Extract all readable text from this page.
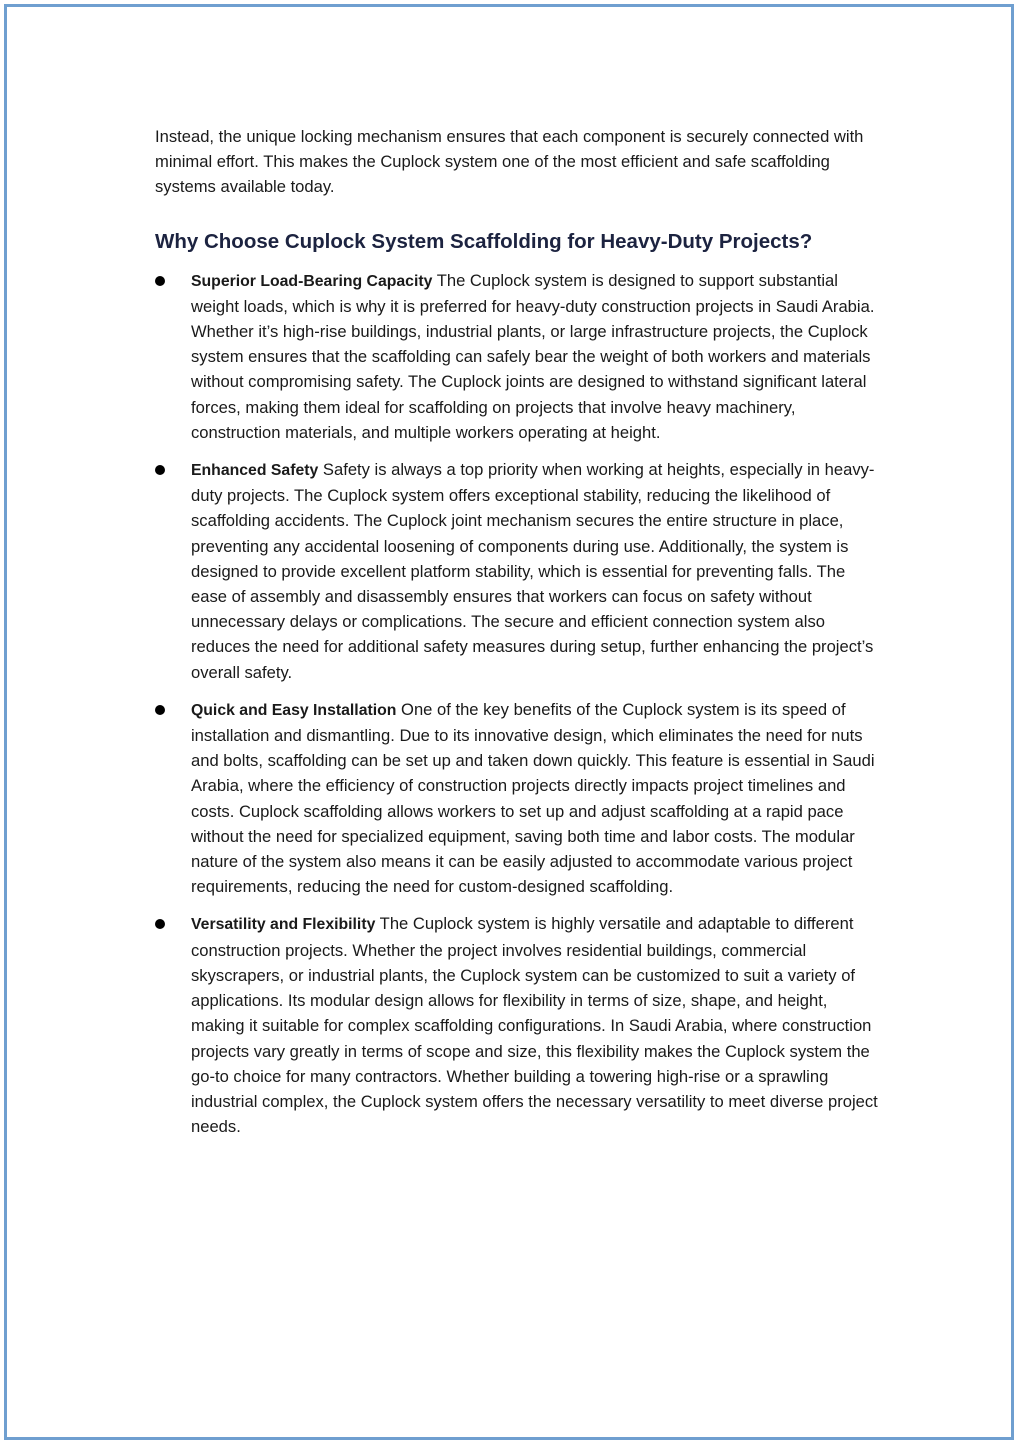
Instead, the unique locking mechanism ensures that each component is securely connected with minimal effort. This makes the Cuplock system one of the most efficient and safe scaffolding systems available today.

Why Choose Cuplock System Scaffolding for Heavy-Duty Projects?
Superior Load-Bearing Capacity The Cuplock system is designed to support substantial weight loads, which is why it is preferred for heavy-duty construction projects in Saudi Arabia. Whether it’s high-rise buildings, industrial plants, or large infrastructure projects, the Cuplock system ensures that the scaffolding can safely bear the weight of both workers and materials without compromising safety. The Cuplock joints are designed to withstand significant lateral forces, making them ideal for scaffolding on projects that involve heavy machinery, construction materials, and multiple workers operating at height.
Enhanced Safety Safety is always a top priority when working at heights, especially in heavy-duty projects. The Cuplock system offers exceptional stability, reducing the likelihood of scaffolding accidents. The Cuplock joint mechanism secures the entire structure in place, preventing any accidental loosening of components during use. Additionally, the system is designed to provide excellent platform stability, which is essential for preventing falls. The ease of assembly and disassembly ensures that workers can focus on safety without unnecessary delays or complications. The secure and efficient connection system also reduces the need for additional safety measures during setup, further enhancing the project’s overall safety.
Quick and Easy Installation One of the key benefits of the Cuplock system is its speed of installation and dismantling. Due to its innovative design, which eliminates the need for nuts and bolts, scaffolding can be set up and taken down quickly. This feature is essential in Saudi Arabia, where the efficiency of construction projects directly impacts project timelines and costs. Cuplock scaffolding allows workers to set up and adjust scaffolding at a rapid pace without the need for specialized equipment, saving both time and labor costs. The modular nature of the system also means it can be easily adjusted to accommodate various project requirements, reducing the need for custom-designed scaffolding.
Versatility and Flexibility The Cuplock system is highly versatile and adaptable to different construction projects. Whether the project involves residential buildings, commercial skyscrapers, or industrial plants, the Cuplock system can be customized to suit a variety of applications. Its modular design allows for flexibility in terms of size, shape, and height, making it suitable for complex scaffolding configurations. In Saudi Arabia, where construction projects vary greatly in terms of scope and size, this flexibility makes the Cuplock system the go-to choice for many contractors. Whether building a towering high-rise or a sprawling industrial complex, the Cuplock system offers the necessary versatility to meet diverse project needs.
